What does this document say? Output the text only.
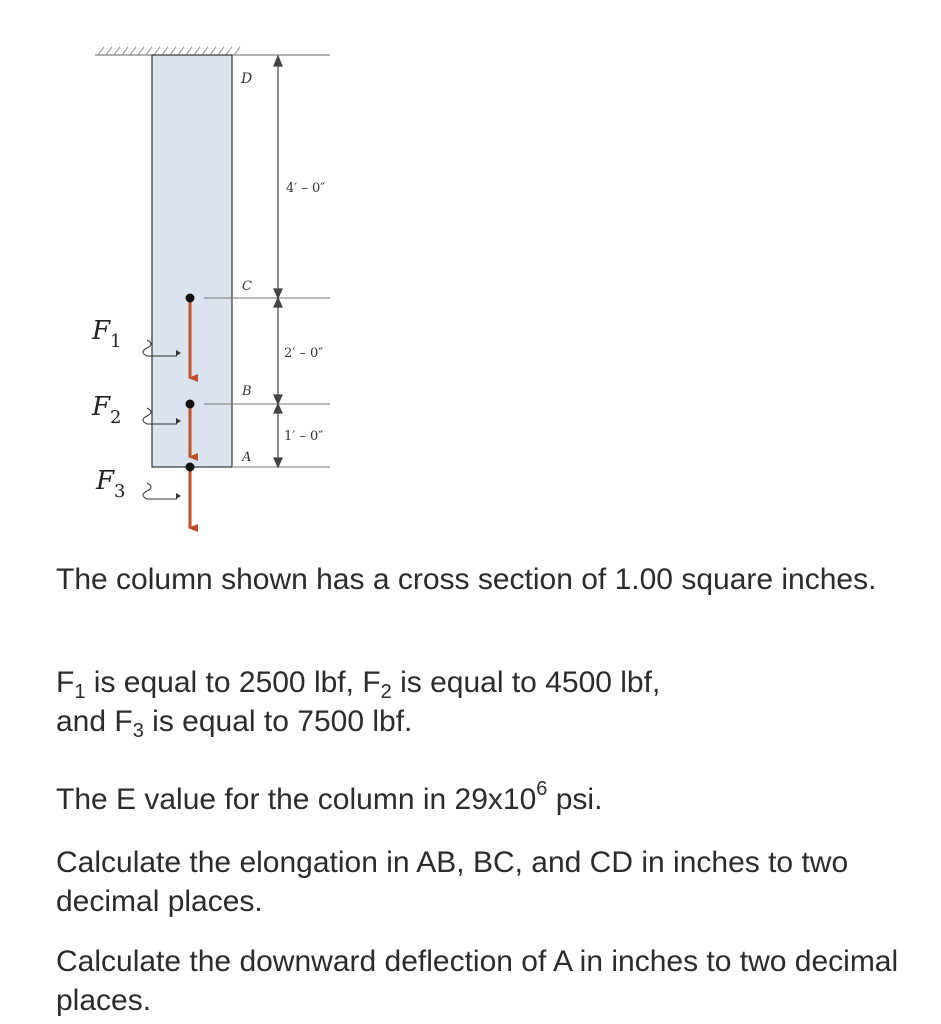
4′ – 0″
2′ – 0″
1′ – 0″
D
C
B
A
$F_1$
$F_2$
$F_3$

The column shown has a cross section of 1.00 square inches.

$F_1$ is equal to 2500 lbf, $F_2$ is equal to 4500 lbf,
and $F_3$ is equal to 7500 lbf.

The E value for the column in $29x10^6$ psi.

Calculate the elongation in AB, BC, and CD in inches to two decimal places.

Calculate the downward deflection of A in inches to two decimal places.
